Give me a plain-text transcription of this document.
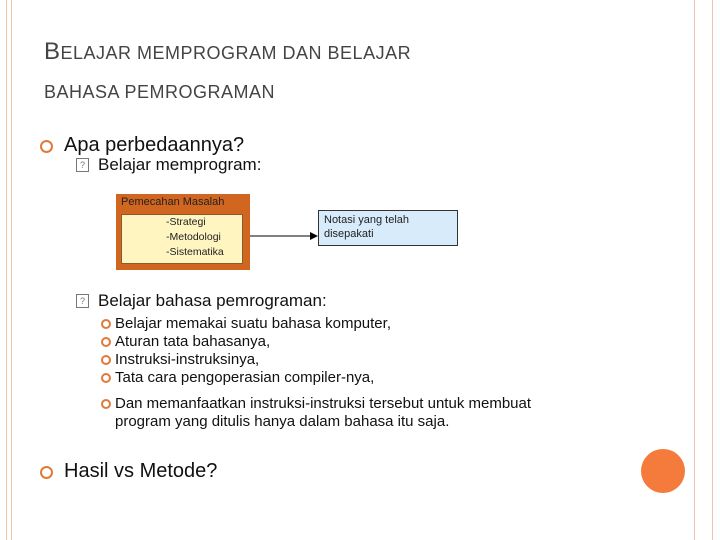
BELAJAR MEMPROGRAM DAN BELAJAR
BAHASA PEMROGRAMAN
Apa perbedaannya?
? Belajar memprogram:
Pemecahan Masalah
-Strategi
-Metodologi
-Sistematika
Notasi yang telah disepakati
? Belajar bahasa pemrograman:
Belajar memakai suatu bahasa komputer,
Aturan tata bahasanya,
Instruksi-instruksinya,
Tata cara pengoperasian compiler-nya,
Dan memanfaatkan instruksi-instruksi tersebut untuk membuat
program yang ditulis hanya dalam bahasa itu saja.
Hasil vs Metode?
